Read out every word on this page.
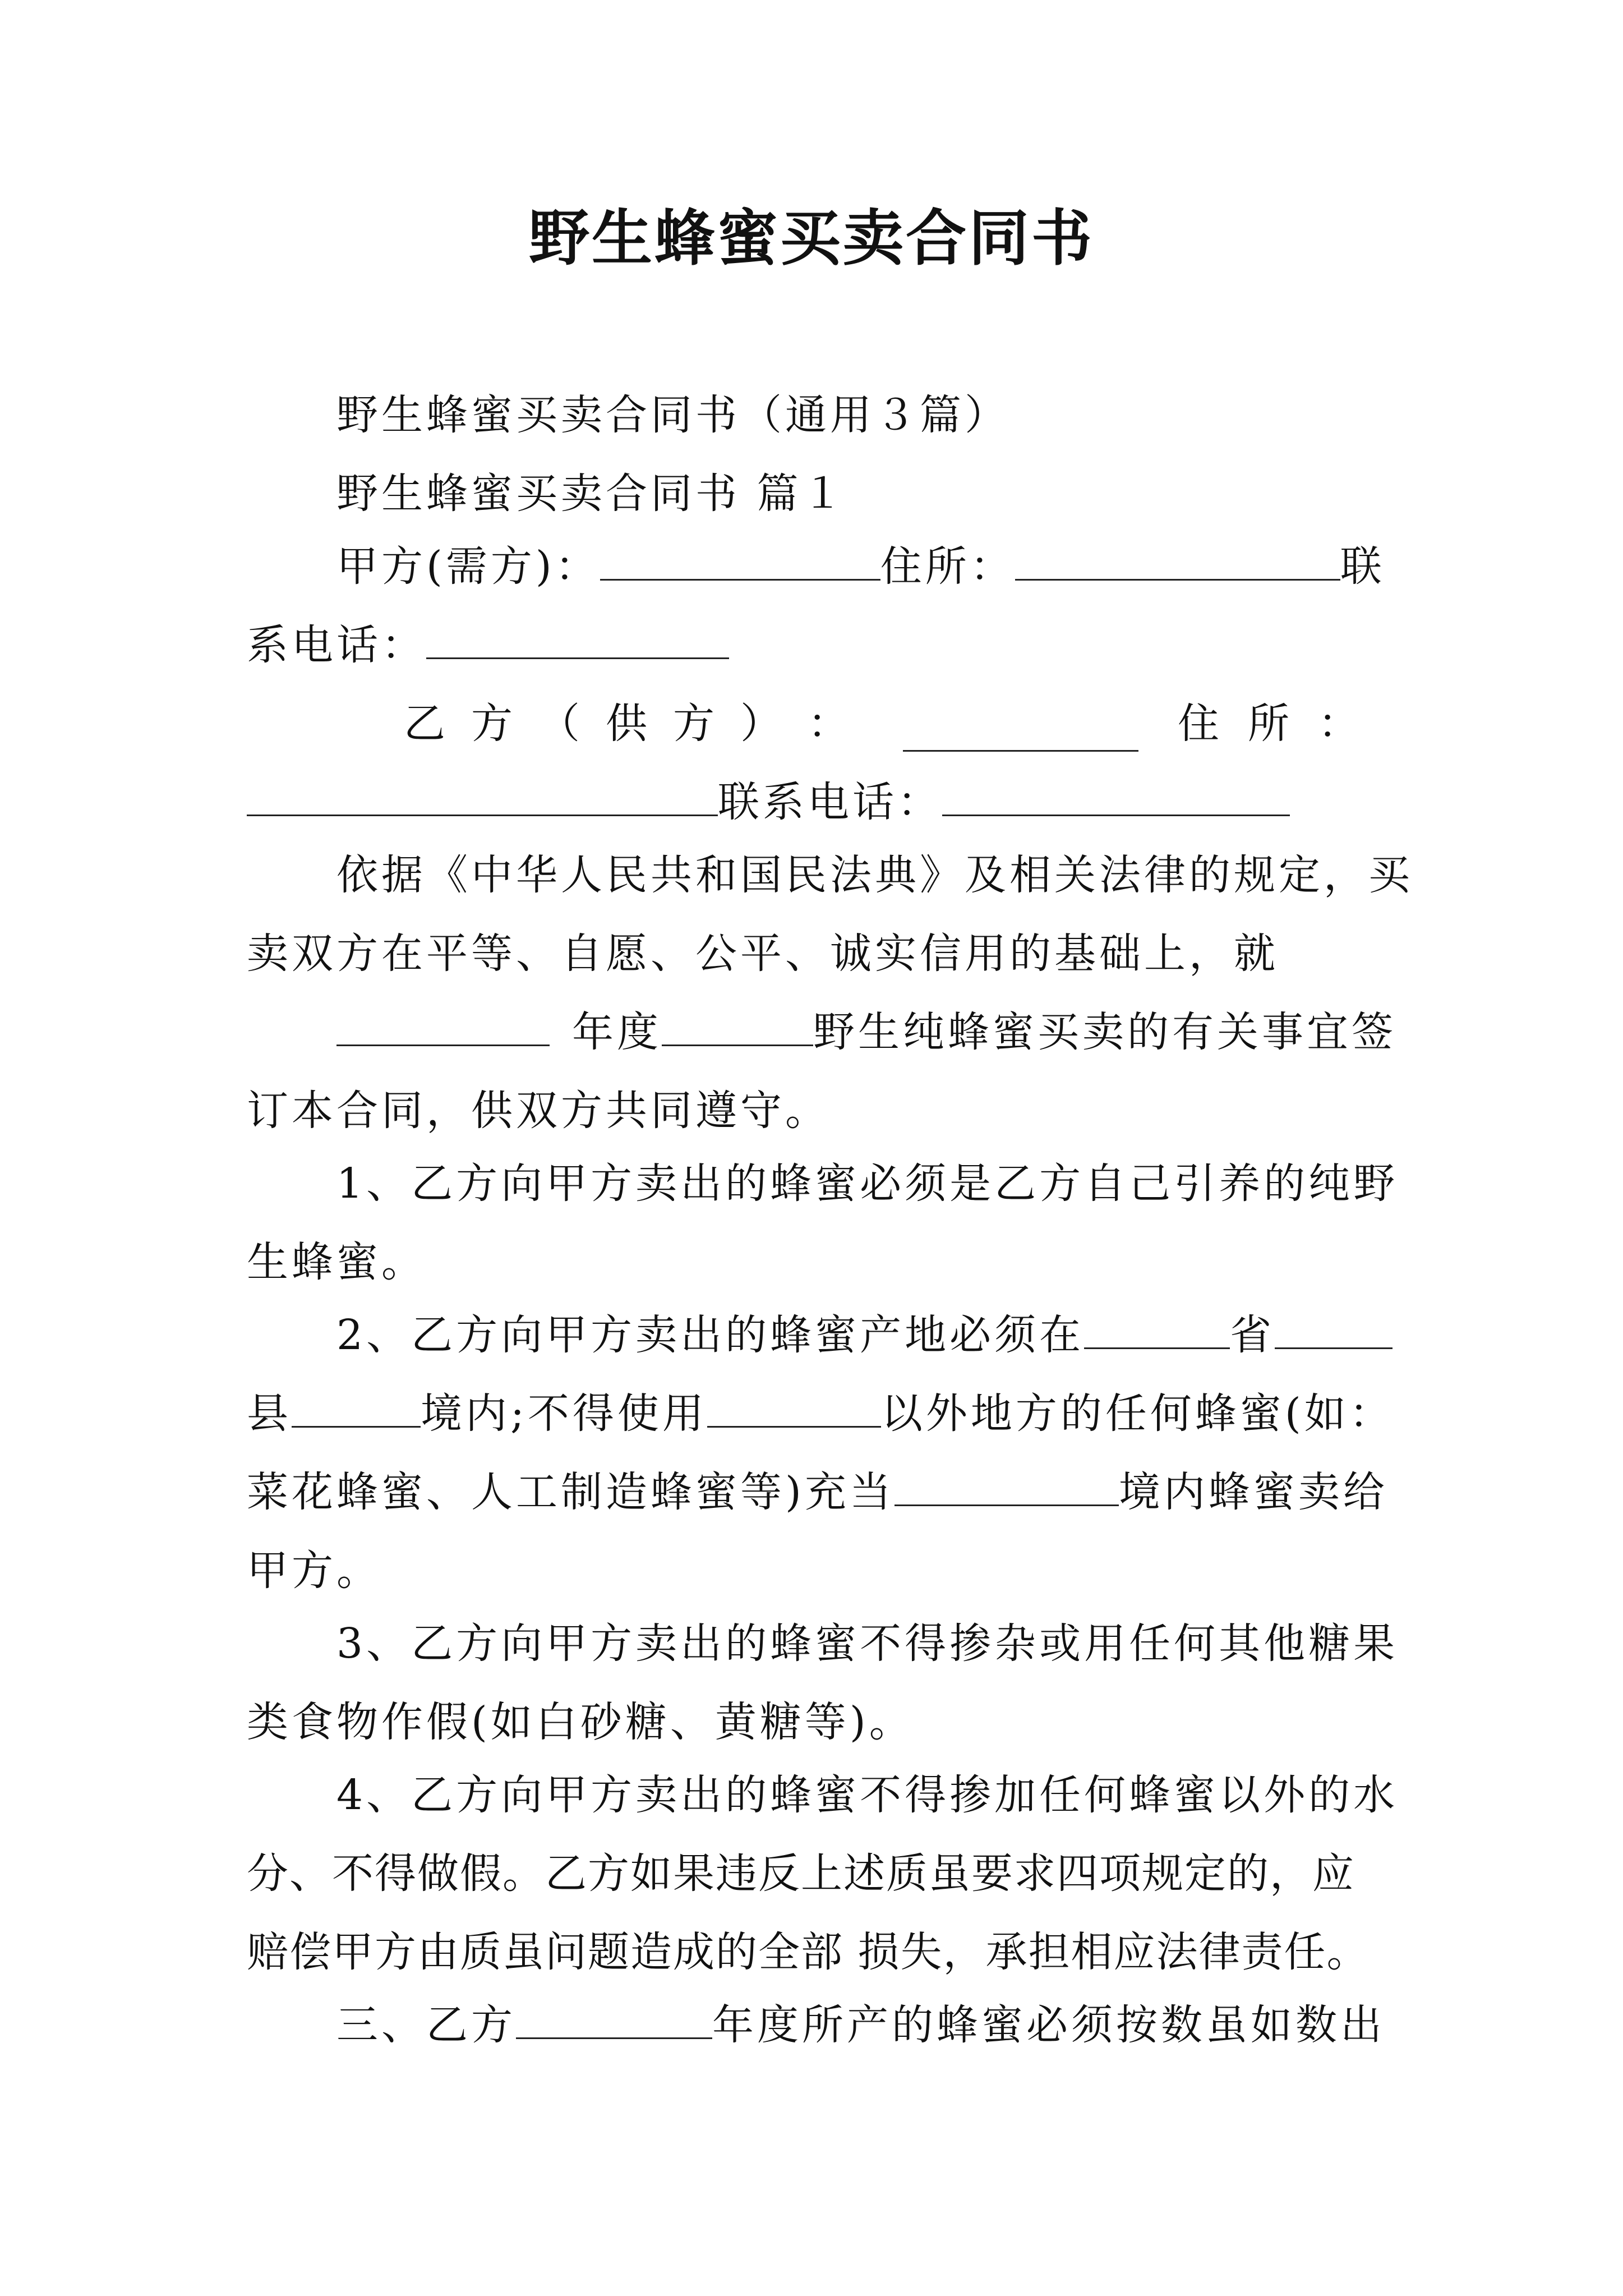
野生蜂蜜买卖合同书
野生蜂蜜买卖合同书（通用３篇）
野生蜂蜜买卖合同书 篇１
甲方(需方)：	住所：	联
系电话：
乙 方 （ 供 方 ） ：	住 所 ：
联系电话：
依据《中华人民共和国民法典》及相关法律的规定，买
卖双方在平等、自愿、公平、诚实信用的基础上，就
年度	野生纯蜂蜜买卖的有关事宜签
订本合同，供双方共同遵守。
1、乙方向甲方卖出的蜂蜜必须是乙方自己引养的纯野
生蜂蜜。
2、乙方向甲方卖出的蜂蜜产地必须在	省
县	境内;不得使用	以外地方的任何蜂蜜(如：
菜花蜂蜜、人工制造蜂蜜等)充当	境内蜂蜜卖给
甲方。
3、乙方向甲方卖出的蜂蜜不得掺杂或用任何其他糖果
类食物作假(如白砂糖、黄糖等)。
4、乙方向甲方卖出的蜂蜜不得掺加任何蜂蜜以外的水
分、不得做假。乙方如果违反上述质虽要求四项规定的，应
赔偿甲方由质虽问题造成的全部 损失，承担相应法律责任。
三、乙方	年度所产的蜂蜜必须按数虽如数出
